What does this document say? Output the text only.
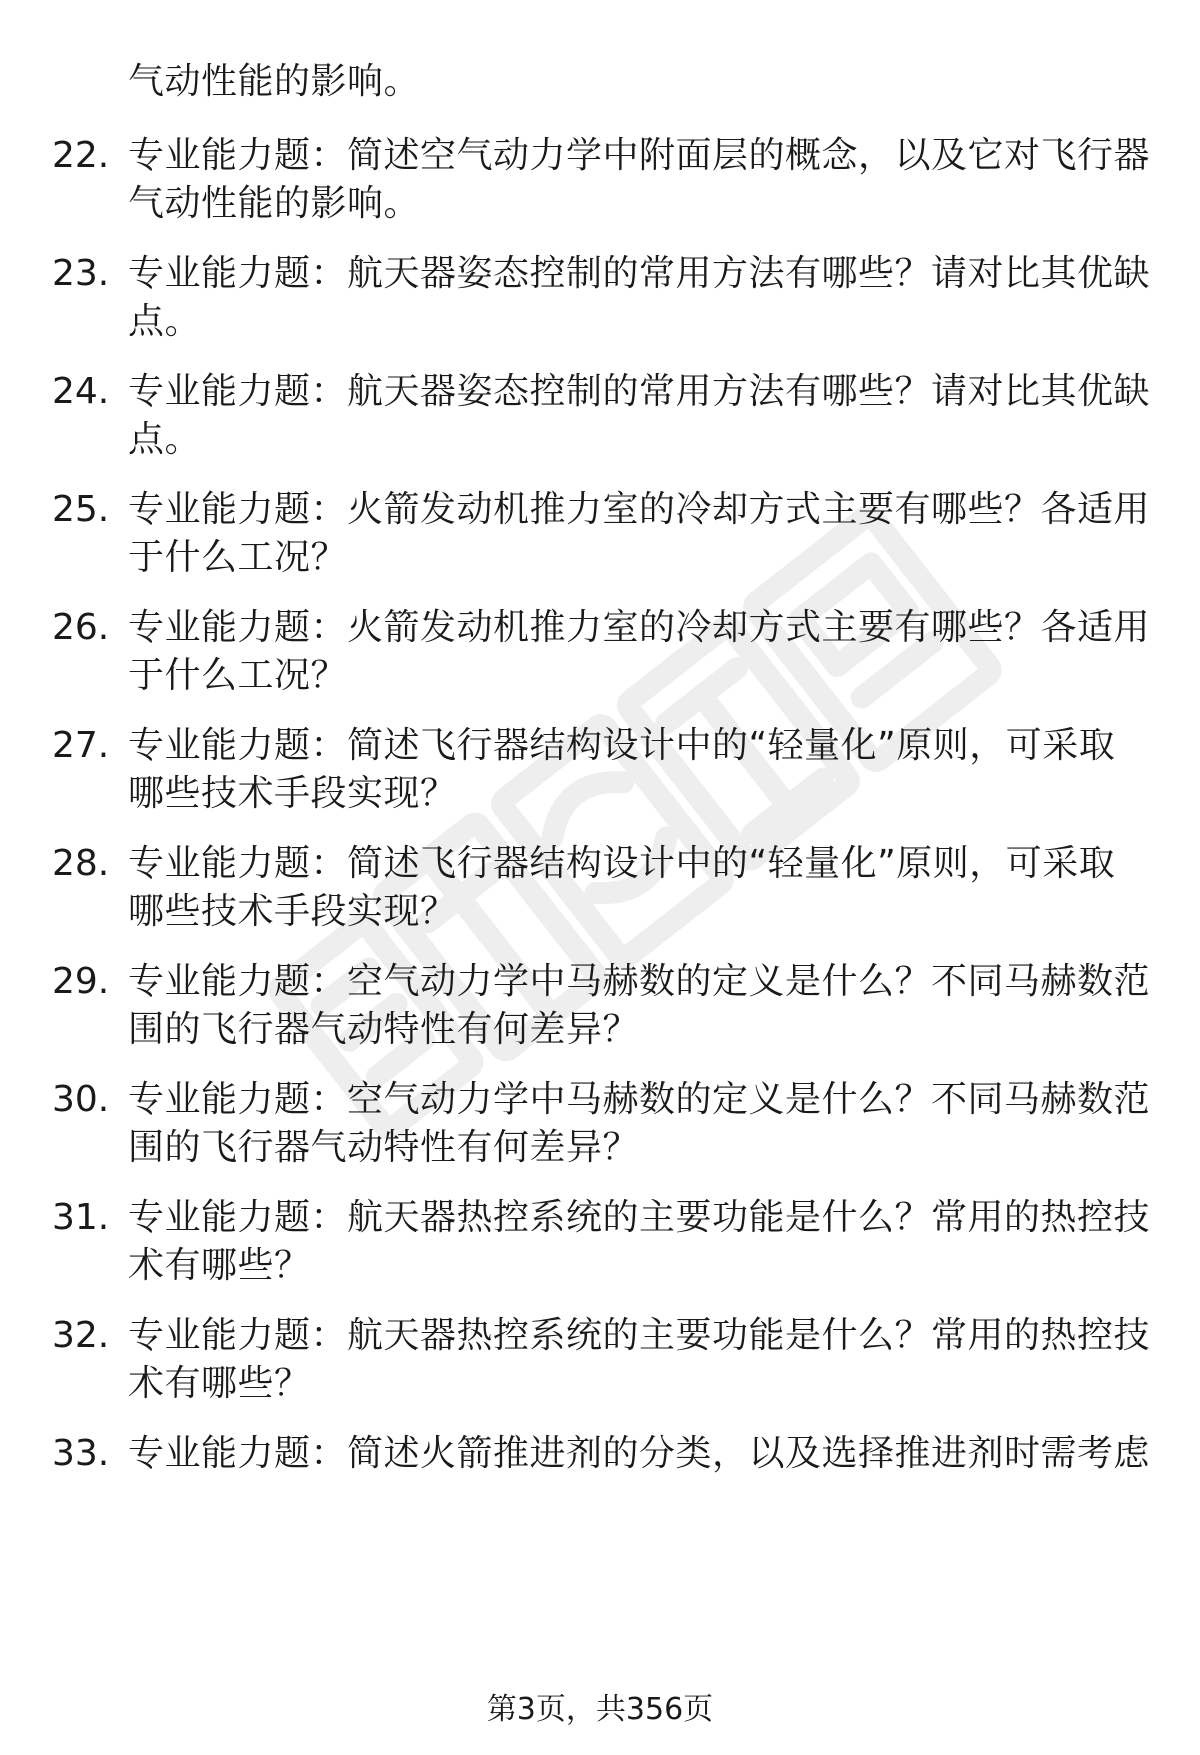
气动性能的影响。
22. 专业能力题：简述空气动力学中附面层的概念，以及它对飞行器
气动性能的影响。
23. 专业能力题：航天器姿态控制的常用方法有哪些？请对比其优缺
点。
24. 专业能力题：航天器姿态控制的常用方法有哪些？请对比其优缺
点。
25. 专业能力题：火箭发动机推力室的冷却方式主要有哪些？各适用
于什么工况？
26. 专业能力题：火箭发动机推力室的冷却方式主要有哪些？各适用
于什么工况？
27. 专业能力题：简述飞行器结构设计中的“轻量化”原则，可采取
哪些技术手段实现？
28. 专业能力题：简述飞行器结构设计中的“轻量化”原则，可采取
哪些技术手段实现？
29. 专业能力题：空气动力学中马赫数的定义是什么？不同马赫数范
围的飞行器气动特性有何差异？
30. 专业能力题：空气动力学中马赫数的定义是什么？不同马赫数范
围的飞行器气动特性有何差异？
31. 专业能力题：航天器热控系统的主要功能是什么？常用的热控技
术有哪些？
32. 专业能力题：航天器热控系统的主要功能是什么？常用的热控技
术有哪些？
33. 专业能力题：简述火箭推进剂的分类，以及选择推进剂时需考虑
第3页，共356页
